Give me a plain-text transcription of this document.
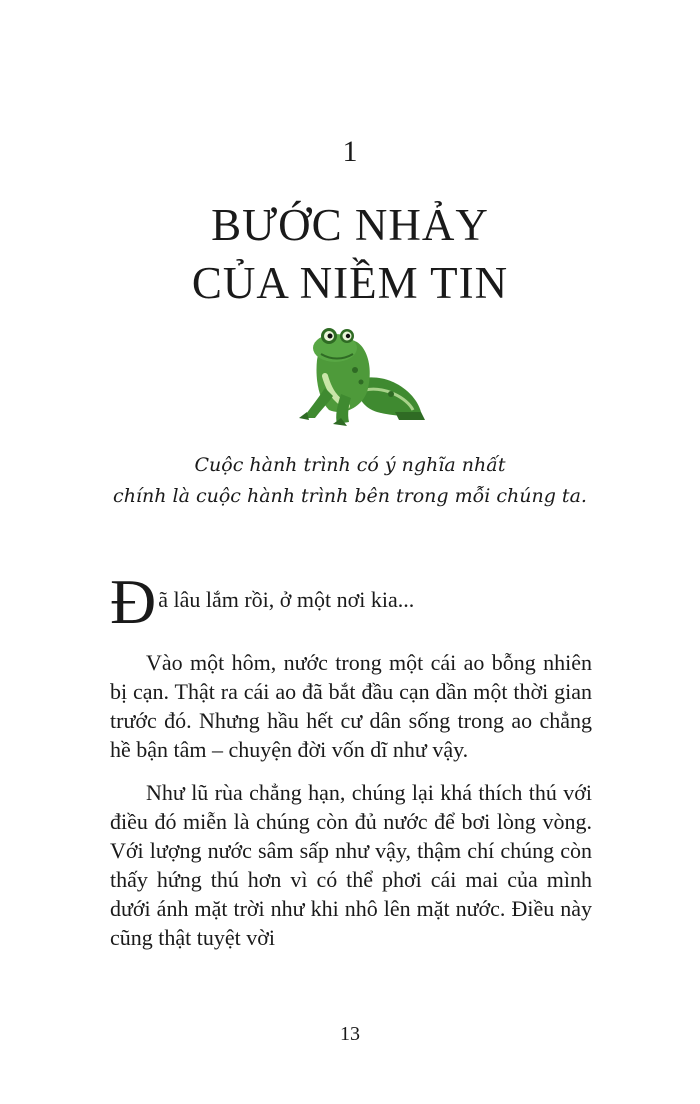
1
BƯỚC NHẢY
CỦA NIỀM TIN
Cuộc hành trình có ý nghĩa nhất
chính là cuộc hành trình bên trong mỗi chúng ta.

Đã lâu lắm rồi, ở một nơi kia...

Vào một hôm, nước trong một cái ao bỗng nhiên bị cạn. Thật ra cái ao đã bắt đầu cạn dần một thời gian trước đó. Nhưng hầu hết cư dân sống trong ao chẳng hề bận tâm – chuyện đời vốn dĩ như vậy.

Như lũ rùa chẳng hạn, chúng lại khá thích thú với điều đó miễn là chúng còn đủ nước để bơi lòng vòng. Với lượng nước sâm sấp như vậy, thậm chí chúng còn thấy hứng thú hơn vì có thể phơi cái mai của mình dưới ánh mặt trời như khi nhô lên mặt nước. Điều này cũng thật tuyệt vời

13
